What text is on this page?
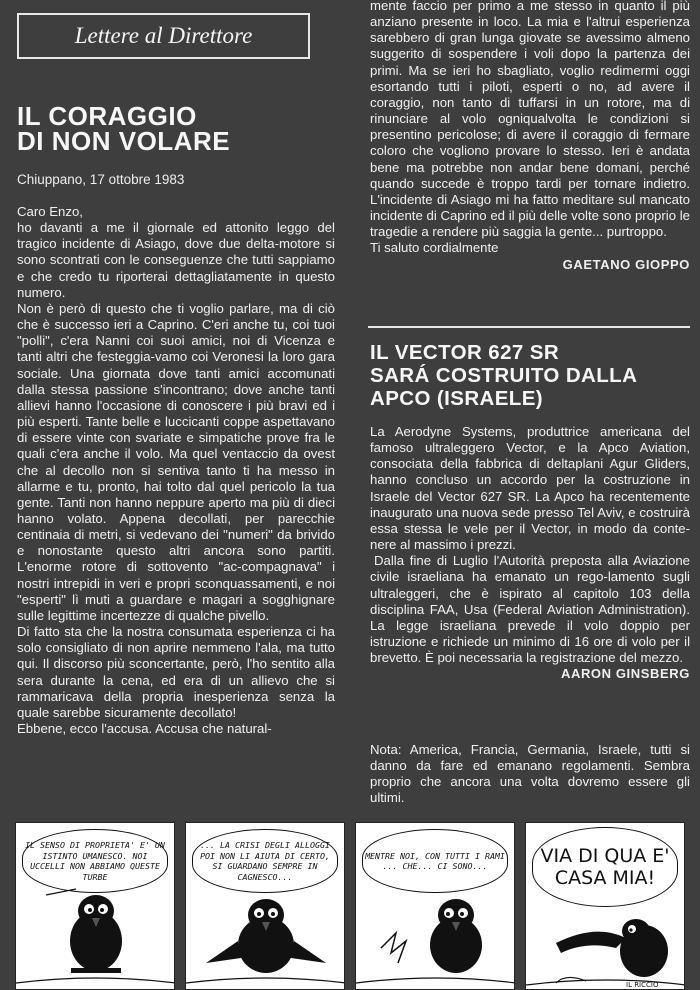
Lettere al Direttore
IL CORAGGIO
DI NON VOLARE

Chiuppano, 17 ottobre 1983

Caro Enzo,

ho davanti a me il giornale ed attonito leggo del tragico incidente di Asiago, dove due delta-motore si sono scontrati con le conseguenze che tutti sappiamo e che credo tu riporterai dettagliatamente in questo numero.

Non è però di questo che ti voglio parlare, ma di ciò che è successo ieri a Caprino. C'eri anche tu, coi tuoi "polli", c'era Nanni coi suoi amici, noi di Vicenza e tanti altri che festeggia-vamo coi Veronesi la loro gara sociale. Una giornata dove tanti amici accomunati dalla stessa passione s'incontrano; dove anche tanti allievi hanno l'occasione di conoscere i più bravi ed i più esperti. Tante belle e luccicanti coppe aspettavano di essere vinte con svariate e simpatiche prove fra le quali c'era anche il volo. Ma quel ventaccio da ovest che al decollo non si sentiva tanto ti ha messo in allarme e tu, pronto, hai tolto dal quel pericolo la tua gente. Tanti non hanno neppure aperto ma più di dieci hanno volato. Appena decollati, per parecchie centinaia di metri, si vedevano dei "numeri" da brivido e nonostante questo altri ancora sono partiti. L'enorme rotore di sottovento "ac-compagnava" i nostri intrepidi in veri e propri sconquassamenti, e noi "esperti" lì muti a guardare e magari a sogghignare sulle legittime incertezze di qualche pivello.

Di fatto sta che la nostra consumata esperienza ci ha solo consigliato di non aprire nemmeno l'ala, ma tutto qui. Il discorso più sconcertante, però, l'ho sentito alla sera durante la cena, ed era di un allievo che si rammaricava della propria inesperienza senza la quale sarebbe sicuramente decollato!

Ebbene, ecco l'accusa. Accusa che natural-

mente faccio per primo a me stesso in quanto il più anziano presente in loco. La mia e l'altrui esperienza sarebbero di gran lunga giovate se avessimo almeno suggerito di sospendere i voli dopo la partenza dei primi. Ma se ieri ho sbagliato, voglio redimermi oggi esortando tutti i piloti, esperti o no, ad avere il coraggio, non tanto di tuffarsi in un rotore, ma di rinunciare al volo ogniqualvolta le condizioni si presentino pericolose; di avere il coraggio di fermare coloro che vogliono provare lo stesso. Ieri è andata bene ma potrebbe non andar bene domani, perché quando succede è troppo tardi per tornare indietro. L'incidente di Asiago mi ha fatto meditare sul mancato incidente di Caprino ed il più delle volte sono proprio le tragedie a rendere più saggia la gente... purtroppo.

Ti saluto cordialmente

GAETANO GIOPPO

IL VECTOR 627 SR
SARÁ COSTRUITO DALLA
APCO (ISRAELE)

La Aerodyne Systems, produttrice americana del famoso ultraleggero Vector, e la Apco Aviation, consociata della fabbrica di deltaplani Agur Gliders, hanno concluso un accordo per la costruzione in Israele del Vector 627 SR. La Apco ha recentemente inaugurato una nuova sede presso Tel Aviv, e costruirà essa stessa le vele per il Vector, in modo da conte-nere al massimo i prezzi.

Dalla fine di Luglio l'Autorità preposta alla Aviazione civile israeliana ha emanato un rego-lamento sugli ultraleggeri, che è ispirato al capitolo 103 della disciplina FAA, Usa (Federal Aviation Administration). La legge israeliana prevede il volo doppio per istruzione e richiede un minimo di 16 ore di volo per il brevetto. È poi necessaria la registrazione del mezzo.

AARON GINSBERG

Nota: America, Francia, Germania, Israele, tutti si danno da fare ed emanano regolamenti. Sembra proprio che ancora una volta dovremo essere gli ultimi.

IL SENSO DI PROPRIETA' E' UN ISTINTO UMANESCO. NOI UCCELLI NON ABBIAMO QUESTE TURBE
... LA CRISI DEGLI ALLOGGI POI NON LI AIUTA DI CERTO, SI GUARDANO SEMPRE IN CAGNESCO...
MENTRE NOI, CON TUTTI I RAMI ... CHE... CI SONO...	VIA DI QUA E' CASA MIA!
IL RICCIO
